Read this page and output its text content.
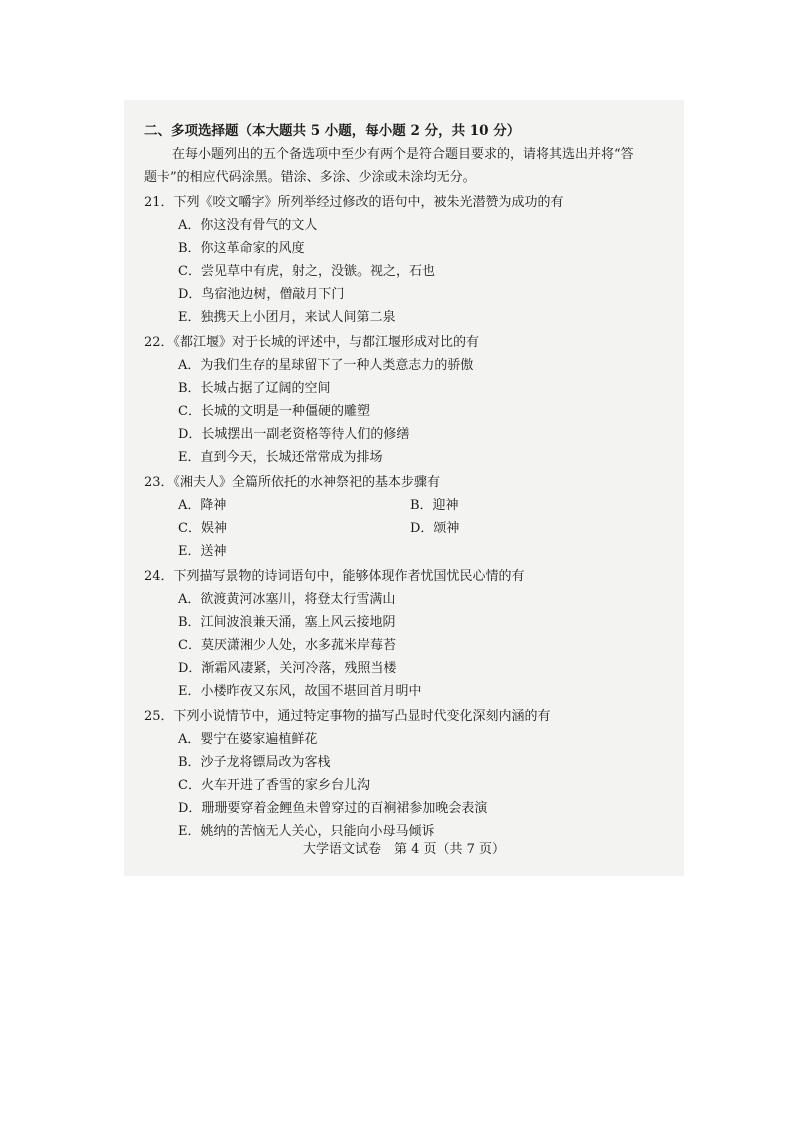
二、多项选择题（本大题共 5 小题，每小题 2 分，共 10 分）
在每小题列出的五个备选项中至少有两个是符合题目要求的，请将其选出并将“答
题卡”的相应代码涂黑。错涂、多涂、少涂或未涂均无分。
21．下列《咬文嚼字》所列举经过修改的语句中，被朱光潜赞为成功的有
A．你这没有骨气的文人
B．你这革命家的风度
C．尝见草中有虎，射之，没镞。视之，石也
D．鸟宿池边树，僧敲月下门
E．独携天上小团月，来试人间第二泉
22．《都江堰》对于长城的评述中，与都江堰形成对比的有
A．为我们生存的星球留下了一种人类意志力的骄傲
B．长城占据了辽阔的空间
C．长城的文明是一种僵硬的雕塑
D．长城摆出一副老资格等待人们的修缮
E．直到今天，长城还常常成为排场
23．《湘夫人》全篇所依托的水神祭祀的基本步骤有
A．降神	B．迎神
C．娱神	D．颂神
E．送神
24．下列描写景物的诗词语句中，能够体现作者忧国忧民心情的有
A．欲渡黄河冰塞川，将登太行雪满山
B．江间波浪兼天涌，塞上风云接地阴
C．莫厌潇湘少人处，水多菰米岸莓苔
D．渐霜风凄紧，关河冷落，残照当楼
E．小楼昨夜又东风，故国不堪回首月明中
25．下列小说情节中，通过特定事物的描写凸显时代变化深刻内涵的有
A．婴宁在婆家遍植鲜花
B．沙子龙将镖局改为客栈
C．火车开进了香雪的家乡台儿沟
D．珊珊要穿着金鲤鱼未曾穿过的百裥裙参加晚会表演
E．姚纳的苦恼无人关心，只能向小母马倾诉
大学语文试卷　第 4 页（共 7 页）
